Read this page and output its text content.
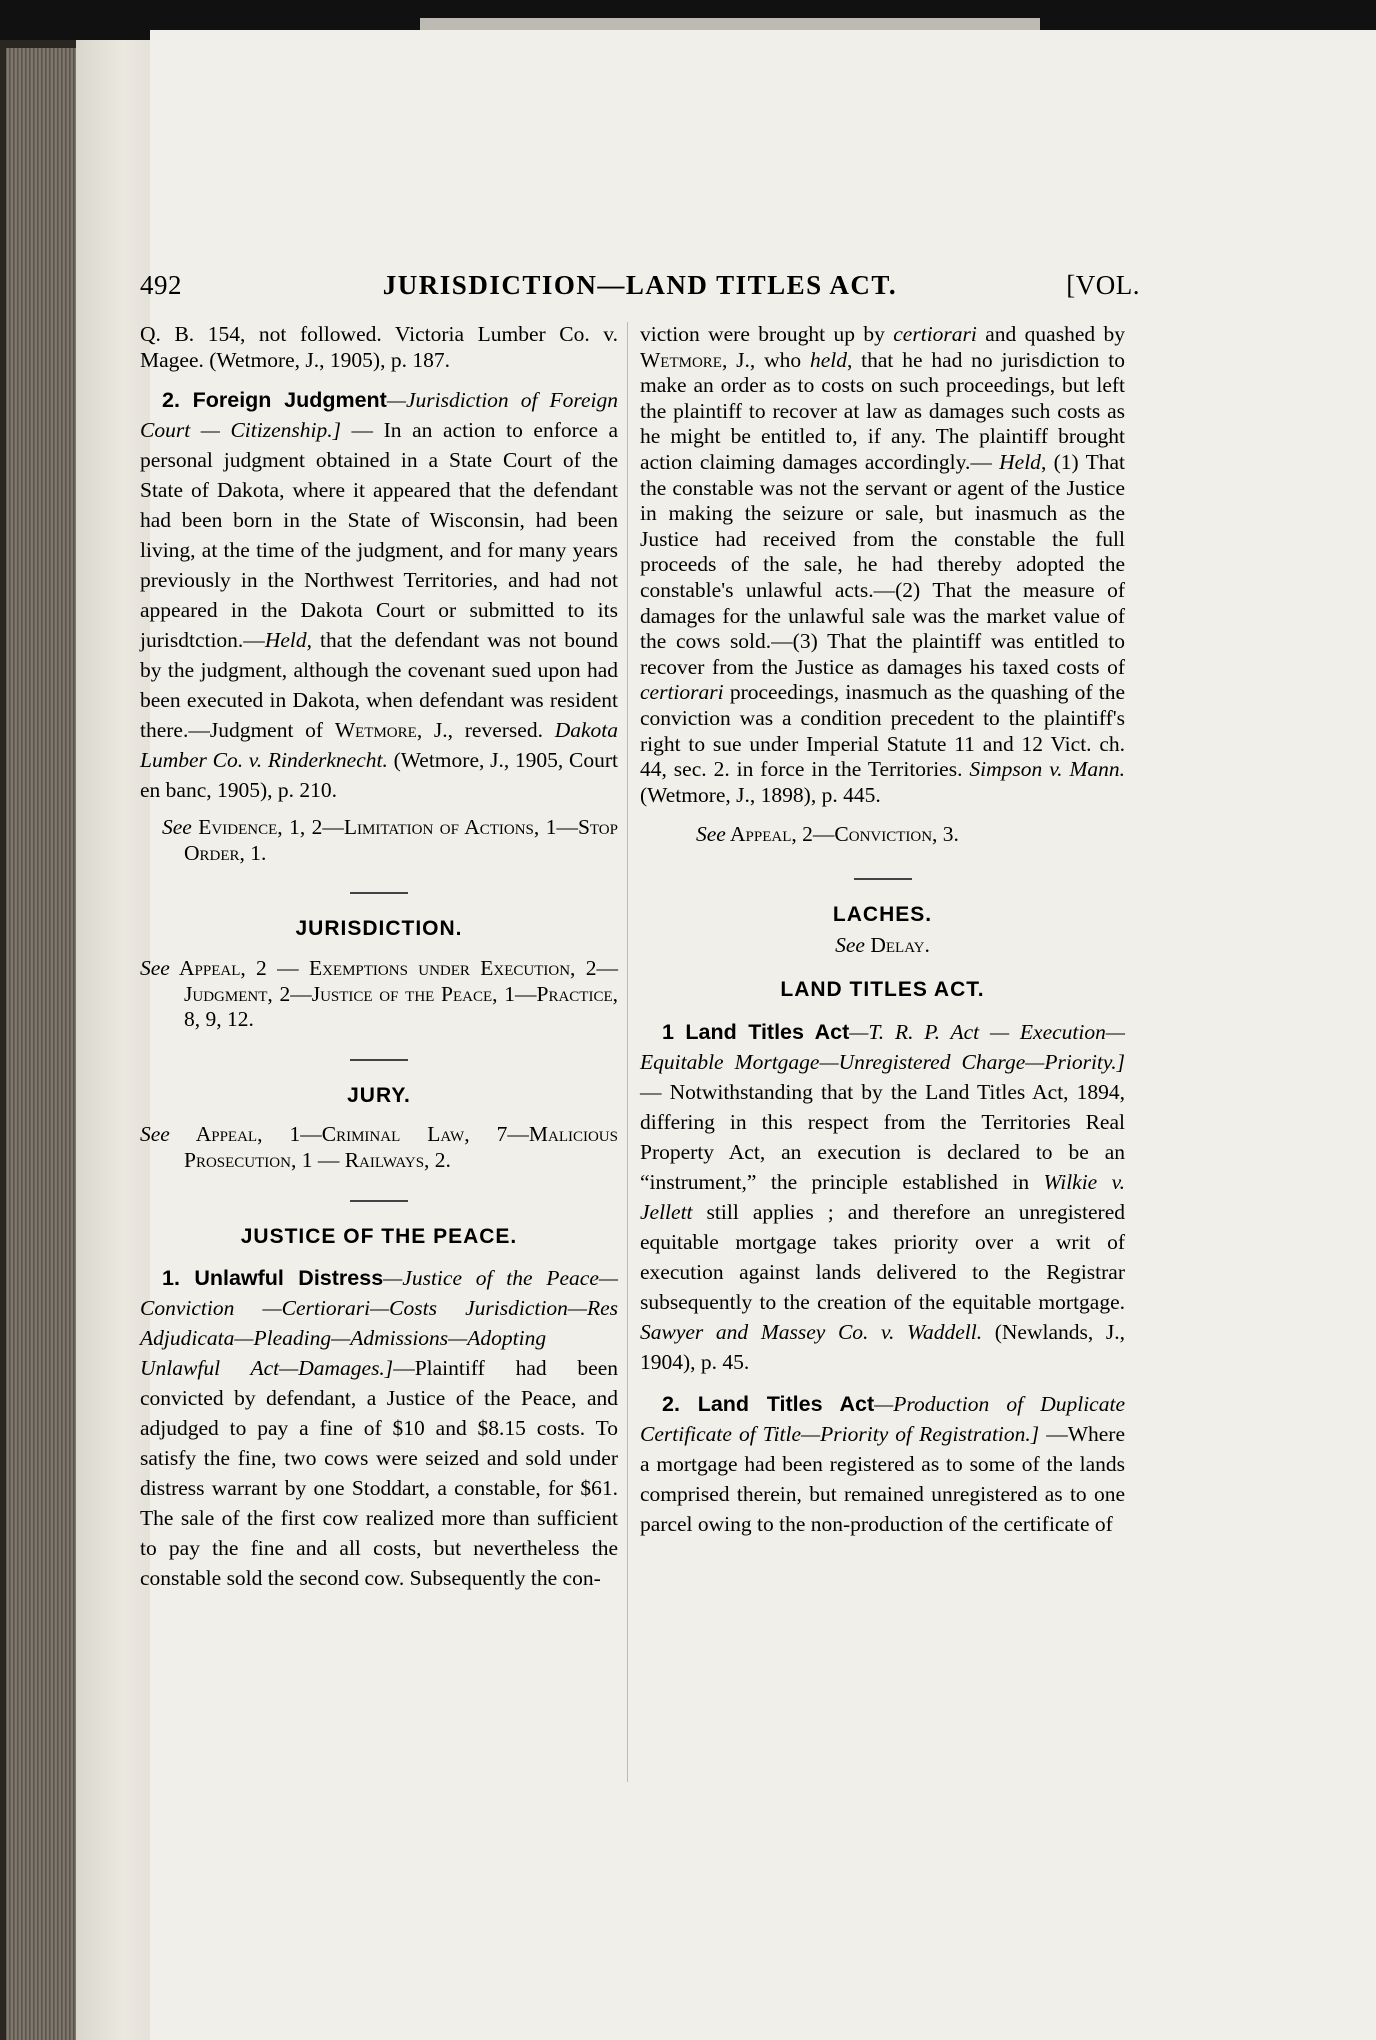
492	JURISDICTION—LAND TITLES ACT.	[VOL.

Q. B. 154, not followed. Victoria Lumber Co. v. Magee. (Wetmore, J., 1905), p. 187.

2. Foreign Judgment—Jurisdiction of Foreign Court — Citizenship.] — In an action to enforce a personal judgment obtained in a State Court of the State of Dakota, where it appeared that the defendant had been born in the State of Wisconsin, had been living, at the time of the judgment, and for many years previously in the Northwest Territories, and had not appeared in the Dakota Court or submitted to its jurisdtction.—Held, that the defendant was not bound by the judgment, although the covenant sued upon had been executed in Dakota, when defendant was resident there.—Judgment of Wetmore, J., reversed. Dakota Lumber Co. v. Rinderknecht. (Wetmore, J., 1905, Court en banc, 1905), p. 210.

See Evidence, 1, 2—Limitation of Actions, 1—Stop Order, 1.

JURISDICTION.

See Appeal, 2 — Exemptions under Execution, 2—Judgment, 2—Justice of the Peace, 1—Practice, 8, 9, 12.

JURY.

See Appeal, 1—Criminal Law, 7—Malicious Prosecution, 1 — Railways, 2.

JUSTICE OF THE PEACE.

1. Unlawful Distress—Justice of the Peace—Conviction —Certiorari—Costs Jurisdiction—Res Adjudicata—Pleading—Admissions—Adopting Unlawful Act—Damages.]—Plaintiff had been convicted by defendant, a Justice of the Peace, and adjudged to pay a fine of $10 and $8.15 costs. To satisfy the fine, two cows were seized and sold under distress warrant by one Stoddart, a constable, for $61. The sale of the first cow realized more than sufficient to pay the fine and all costs, but nevertheless the constable sold the second cow. Subsequently the con-

viction were brought up by certiorari and quashed by Wetmore, J., who held, that he had no jurisdiction to make an order as to costs on such proceedings, but left the plaintiff to recover at law as damages such costs as he might be entitled to, if any. The plaintiff brought action claiming damages accordingly.— Held, (1) That the constable was not the servant or agent of the Justice in making the seizure or sale, but inasmuch as the Justice had received from the constable the full proceeds of the sale, he had thereby adopted the constable's unlawful acts.—(2) That the measure of damages for the unlawful sale was the market value of the cows sold.—(3) That the plaintiff was entitled to recover from the Justice as damages his taxed costs of certiorari proceedings, inasmuch as the quashing of the conviction was a condition precedent to the plaintiff's right to sue under Imperial Statute 11 and 12 Vict. ch. 44, sec. 2. in force in the Territories. Simpson v. Mann. (Wetmore, J., 1898), p. 445.

See Appeal, 2—Conviction, 3.

LACHES.

See Delay.

LAND TITLES ACT.

1 Land Titles Act—T. R. P. Act — Execution—Equitable Mortgage—Unregistered Charge—Priority.] — Notwithstanding that by the Land Titles Act, 1894, differing in this respect from the Territories Real Property Act, an execution is declared to be an “instrument,” the principle established in Wilkie v. Jellett still applies ; and therefore an unregistered equitable mortgage takes priority over a writ of execution against lands delivered to the Registrar subsequently to the creation of the equitable mortgage. Sawyer and Massey Co. v. Waddell. (Newlands, J., 1904), p. 45.

2. Land Titles Act—Production of Duplicate Certificate of Title—Priority of Registration.] —Where a mortgage had been registered as to some of the lands comprised therein, but remained unregistered as to one parcel owing to the non-production of the certificate of
